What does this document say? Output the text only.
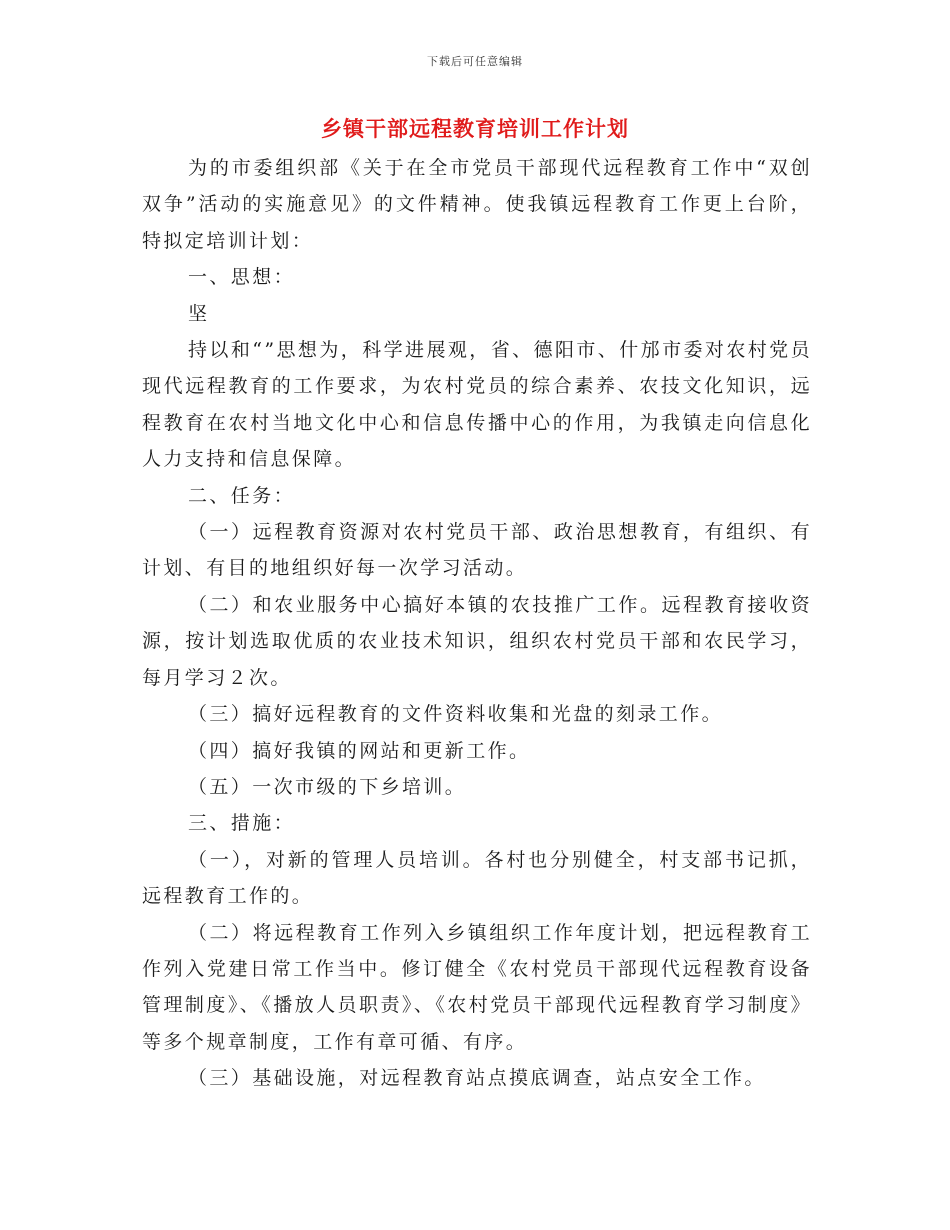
下载后可任意编辑
乡镇干部远程教育培训工作计划

为的市委组织部《关于在全市党员干部现代远程教育工作中“双创双争”活动的实施意见》的文件精神。使我镇远程教育工作更上台阶，特拟定培训计划：

一、思想：

坚

持以和“”思想为，科学进展观，省、德阳市、什邡市委对农村党员现代远程教育的工作要求，为农村党员的综合素养、农技文化知识，远程教育在农村当地文化中心和信息传播中心的作用，为我镇走向信息化人力支持和信息保障。

二、任务：

（一）远程教育资源对农村党员干部、政治思想教育，有组织、有计划、有目的地组织好每一次学习活动。

（二）和农业服务中心搞好本镇的农技推广工作。远程教育接收资源，按计划选取优质的农业技术知识，组织农村党员干部和农民学习，每月学习２次。

（三）搞好远程教育的文件资料收集和光盘的刻录工作。

（四）搞好我镇的网站和更新工作。

（五）一次市级的下乡培训。

三、措施：

（一），对新的管理人员培训。各村也分别健全，村支部书记抓，远程教育工作的。

（二）将远程教育工作列入乡镇组织工作年度计划，把远程教育工作列入党建日常工作当中。修订健全《农村党员干部现代远程教育设备管理制度》、《播放人员职责》、《农村党员干部现代远程教育学习制度》等多个规章制度，工作有章可循、有序。

（三）基础设施，对远程教育站点摸底调查，站点安全工作。
